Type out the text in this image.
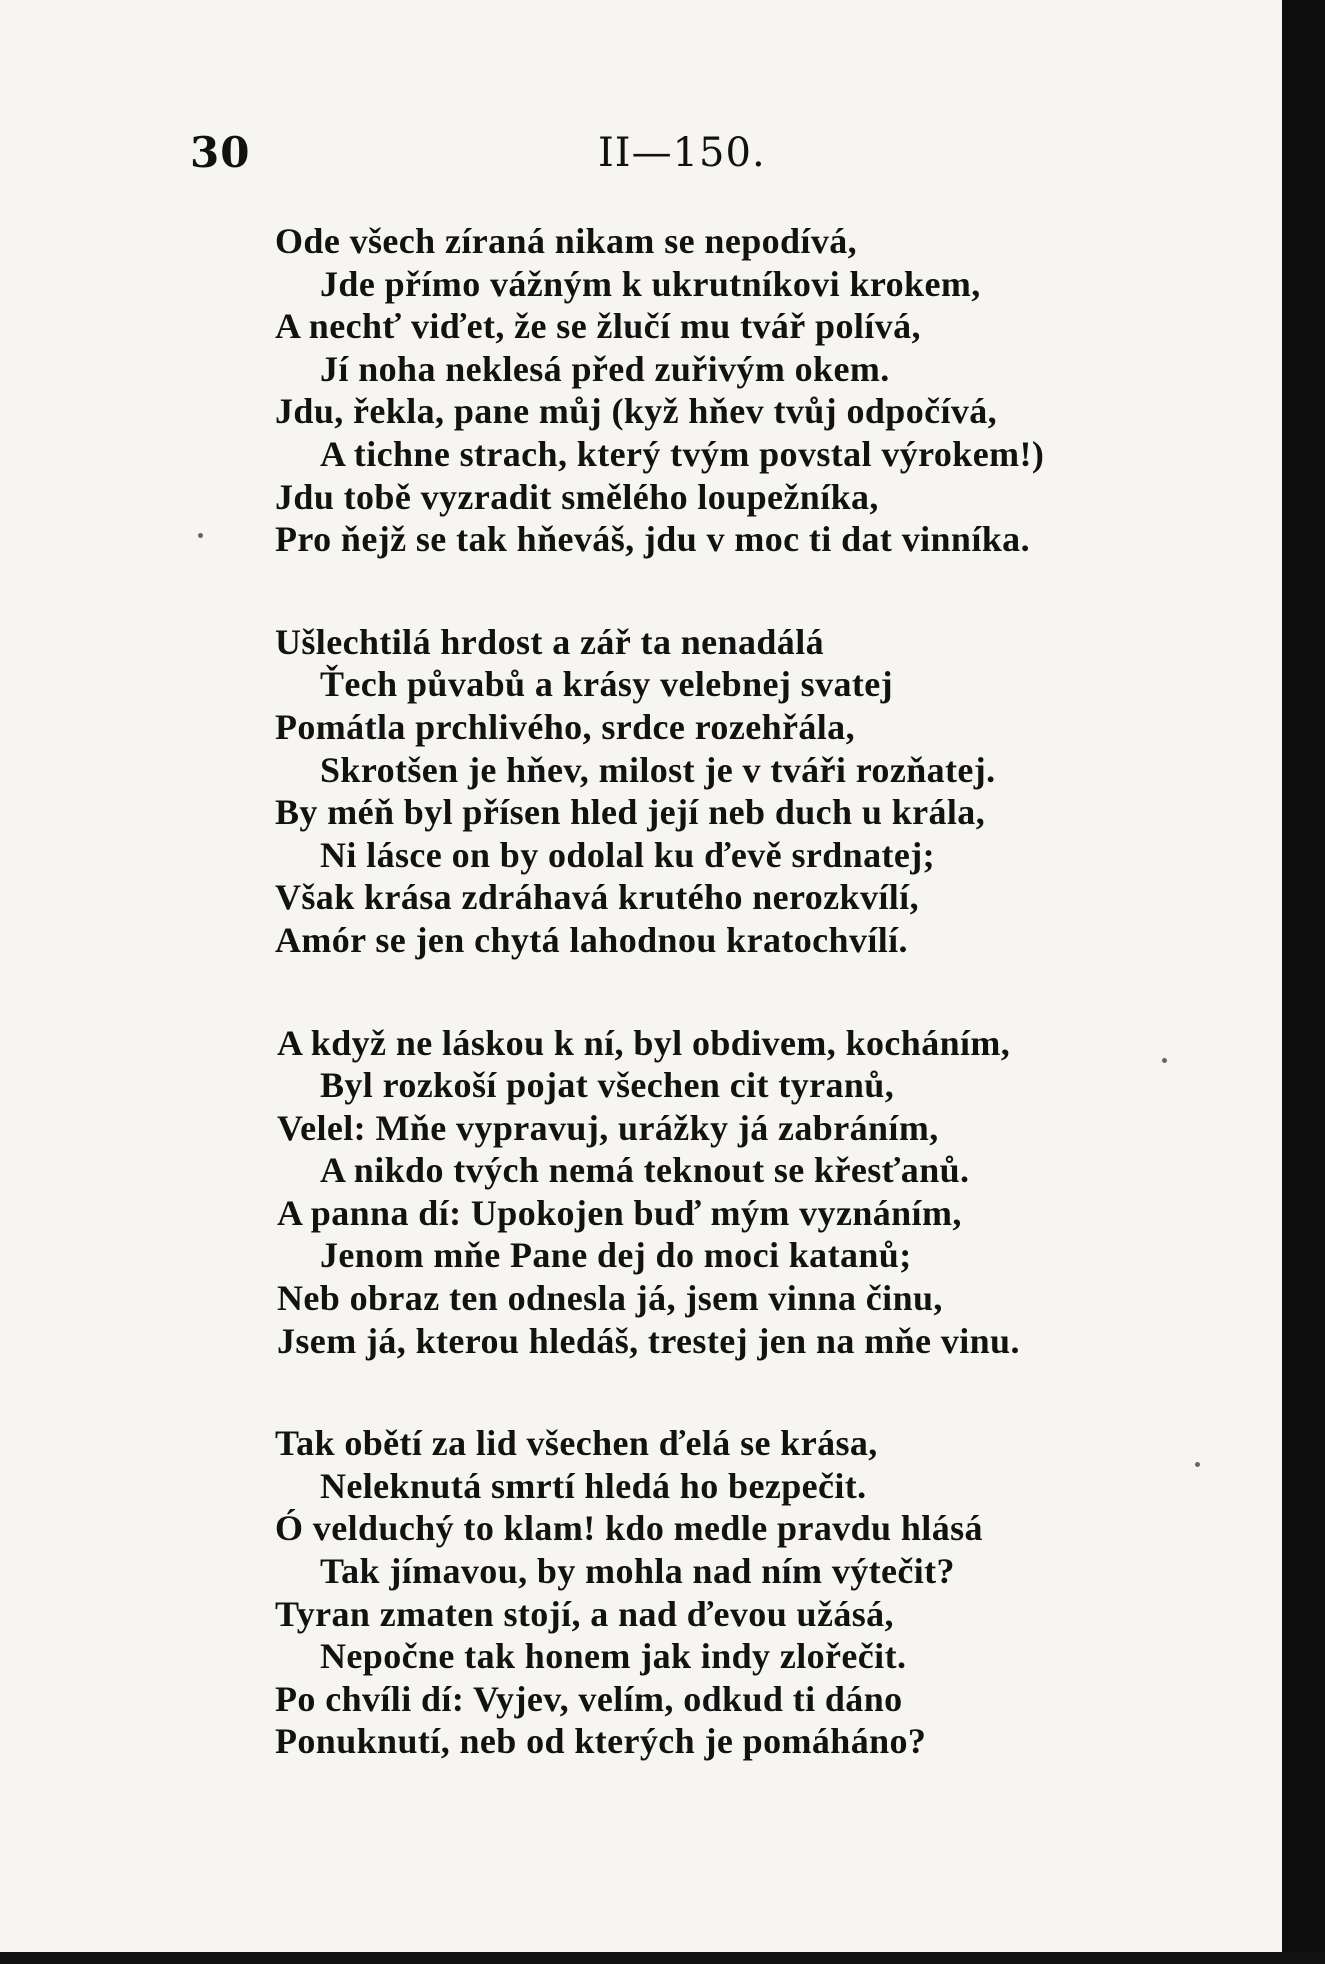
30	II—150.
Ode všech zíraná nikam se nepodívá,
Jde přímo vážným k ukrutníkovi krokem,
A nechť viďet, že se žlučí mu tvář polívá,
Jí noha neklesá před zuřivým okem.
Jdu, řekla, pane můj (kyž hňev tvůj odpočívá,
A tichne strach, který tvým povstal výrokem!)
Jdu tobě vyzradit smělého loupežníka,
Pro ňejž se tak hňeváš, jdu v moc ti dat vinníka.
Ušlechtilá hrdost a zář ta nenadálá
Ťech půvabů a krásy velebnej svatej
Pomátla prchlivého, srdce rozehřála,
Skrotšen je hňev, milost je v tváři rozňatej.
By méň byl přísen hled její neb duch u krála,
Ni lásce on by odolal ku ďevě srdnatej;
Však krása zdráhavá krutého nerozkvílí,
Amór se jen chytá lahodnou kratochvílí.
A když ne láskou k ní, byl obdivem, kocháním,
Byl rozkoší pojat všechen cit tyranů,
Velel: Mňe vypravuj, urážky já zabráním,
A nikdo tvých nemá teknout se křesťanů.
A panna dí: Upokojen buď mým vyznáním,
Jenom mňe Pane dej do moci katanů;
Neb obraz ten odnesla já, jsem vinna činu,
Jsem já, kterou hledáš, trestej jen na mňe vinu.
Tak obětí za lid všechen ďelá se krása,
Neleknutá smrtí hledá ho bezpečit.
Ó velduchý to klam! kdo medle pravdu hlásá
Tak jímavou, by mohla nad ním výtečit?
Tyran zmaten stojí, a nad ďevou užásá,
Nepočne tak honem jak indy zlořečit.
Po chvíli dí: Vyjev, velím, odkud ti dáno
Ponuknutí, neb od kterých je pomáháno?
